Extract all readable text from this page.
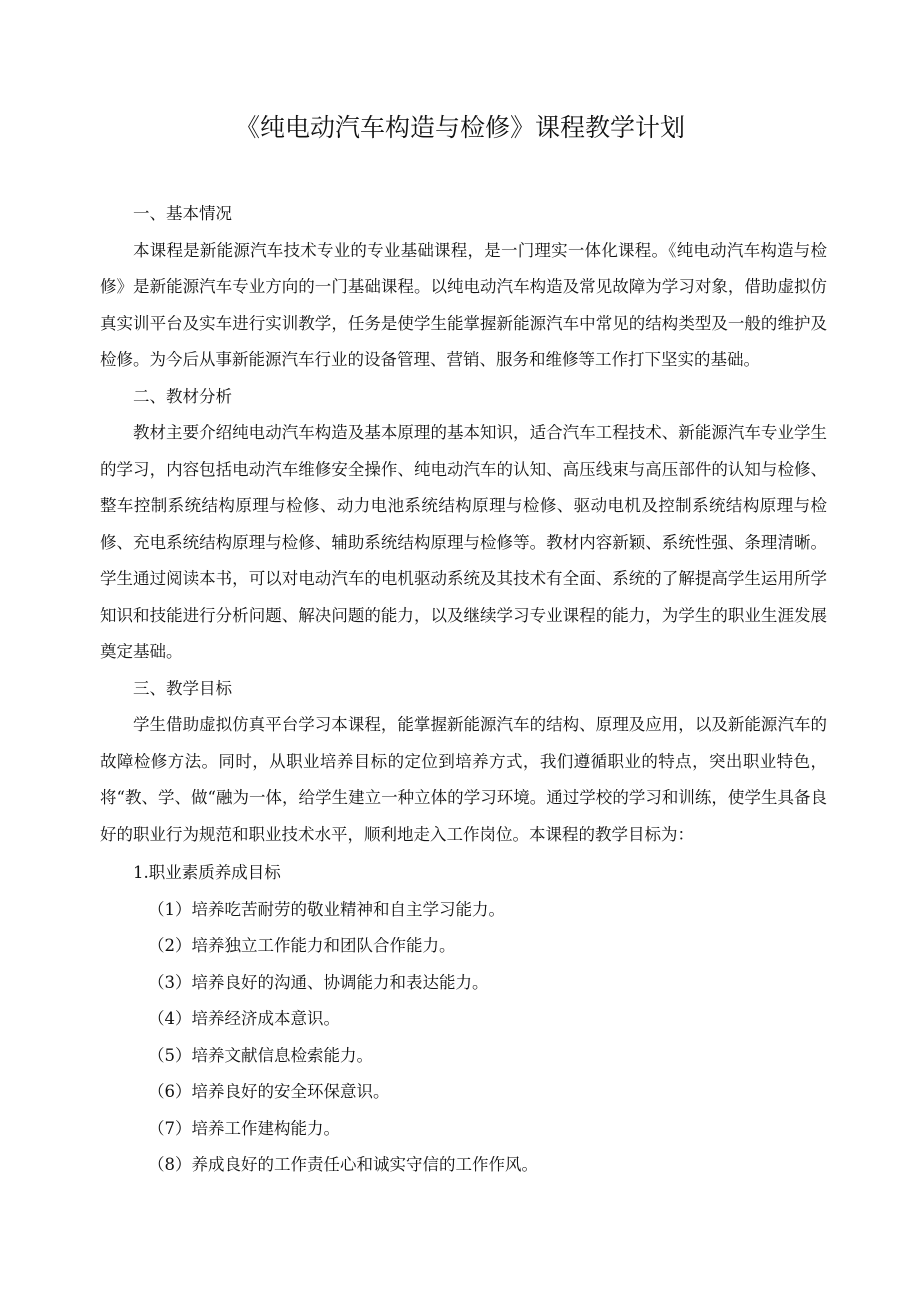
《纯电动汽车构造与检修》课程教学计划

一、基本情况

本课程是新能源汽车技术专业的专业基础课程，是一门理实一体化课程。《纯电动汽车构造与检修》是新能源汽车专业方向的一门基础课程。以纯电动汽车构造及常见故障为学习对象，借助虚拟仿真实训平台及实车进行实训教学，任务是使学生能掌握新能源汽车中常见的结构类型及一般的维护及检修。为今后从事新能源汽车行业的设备管理、营销、服务和维修等工作打下坚实的基础。

二、教材分析

教材主要介绍纯电动汽车构造及基本原理的基本知识，适合汽车工程技术、新能源汽车专业学生的学习，内容包括电动汽车维修安全操作、纯电动汽车的认知、高压线束与高压部件的认知与检修、整车控制系统结构原理与检修、动力电池系统结构原理与检修、驱动电机及控制系统结构原理与检修、充电系统结构原理与检修、辅助系统结构原理与检修等。教材内容新颖、系统性强、条理清晰。学生通过阅读本书，可以对电动汽车的电机驱动系统及其技术有全面、系统的了解提高学生运用所学知识和技能进行分析问题、解决问题的能力，以及继续学习专业课程的能力，为学生的职业生涯发展奠定基础。

三、教学目标

学生借助虚拟仿真平台学习本课程，能掌握新能源汽车的结构、原理及应用，以及新能源汽车的故障检修方法。同时，从职业培养目标的定位到培养方式，我们遵循职业的特点，突出职业特色，将“教、学、做“融为一体，给学生建立一种立体的学习环境。通过学校的学习和训练，使学生具备良好的职业行为规范和职业技术水平，顺利地走入工作岗位。本课程的教学目标为：

1.职业素质养成目标

（1）培养吃苦耐劳的敬业精神和自主学习能力。

（2）培养独立工作能力和团队合作能力。

（3）培养良好的沟通、协调能力和表达能力。

（4）培养经济成本意识。

（5）培养文献信息检索能力。

（6）培养良好的安全环保意识。

（7）培养工作建构能力。

（8）养成良好的工作责任心和诚实守信的工作作风。
